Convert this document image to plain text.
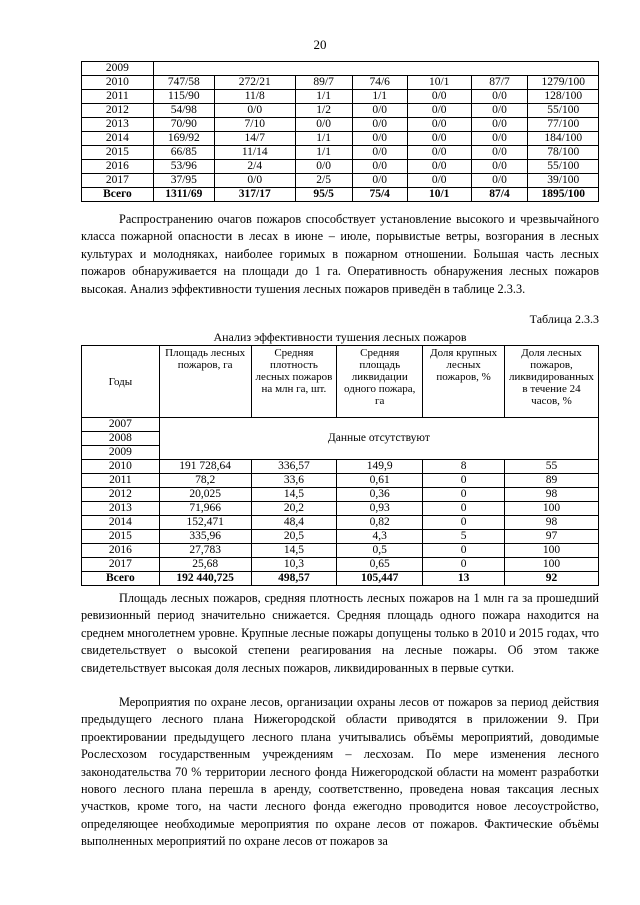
20
2009							
2010	747/58	272/21	89/7	74/6	10/1	87/7	1279/100
2011	115/90	11/8	1/1	1/1	0/0	0/0	128/100
2012	54/98	0/0	1/2	0/0	0/0	0/0	55/100
2013	70/90	7/10	0/0	0/0	0/0	0/0	77/100
2014	169/92	14/7	1/1	0/0	0/0	0/0	184/100
2015	66/85	11/14	1/1	0/0	0/0	0/0	78/100
2016	53/96	2/4	0/0	0/0	0/0	0/0	55/100
2017	37/95	0/0	2/5	0/0	0/0	0/0	39/100
Всего	1311/69	317/17	95/5	75/4	10/1	87/4	1895/100

Распространению очагов пожаров способствует установление высокого и чрезвычайного класса пожарной опасности в лесах в июне – июле, порывистые ветры, возгорания в лесных культурах и молодняках, наиболее горимых в пожарном отношении. Большая часть лесных пожаров обнаруживается на площади до 1 га. Оперативность обнаружения лесных пожаров высокая. Анализ эффективности тушения лесных пожаров приведён в таблице 2.3.3.

Таблица 2.3.3
Анализ эффективности тушения лесных пожаров
Годы	Площадь лесных пожаров, га	Средняя плотность лесных пожаров на млн га, шт.	Средняя площадь ликвидации одного пожара, га	Доля крупных лесных пожаров, %	Доля лесных пожаров, ликвидированных в течение 24 часов, %
2007	Данные отсутствуют				
2008					
2009					
2010	191 728,64	336,57	149,9	8	55
2011	78,2	33,6	0,61	0	89
2012	20,025	14,5	0,36	0	98
2013	71,966	20,2	0,93	0	100
2014	152,471	48,4	0,82	0	98
2015	335,96	20,5	4,3	5	97
2016	27,783	14,5	0,5	0	100
2017	25,68	10,3	0,65	0	100
Всего	192 440,725	498,57	105,447	13	92

Площадь лесных пожаров, средняя плотность лесных пожаров на 1 млн га за прошедший ревизионный период значительно снижается. Средняя площадь одного пожара находится на среднем многолетнем уровне. Крупные лесные пожары допущены только в 2010 и 2015 годах, что свидетельствует о высокой степени реагирования на лесные пожары. Об этом также свидетельствует высокая доля лесных пожаров, ликвидированных в первые сутки.

Мероприятия по охране лесов, организации охраны лесов от пожаров за период действия предыдущего лесного плана Нижегородской области приводятся в приложении 9. При проектировании предыдущего лесного плана учитывались объёмы мероприятий, доводимые Рослесхозом государственным учреждениям – лесхозам. По мере изменения лесного законодательства 70 % территории лесного фонда Нижегородской области на момент разработки нового лесного плана перешла в аренду, соответственно, проведена новая таксация лесных участков, кроме того, на части лесного фонда ежегодно проводится новое лесоустройство, определяющее необходимые мероприятия по охране лесов от пожаров. Фактические объёмы выполненных мероприятий по охране лесов от пожаров за
